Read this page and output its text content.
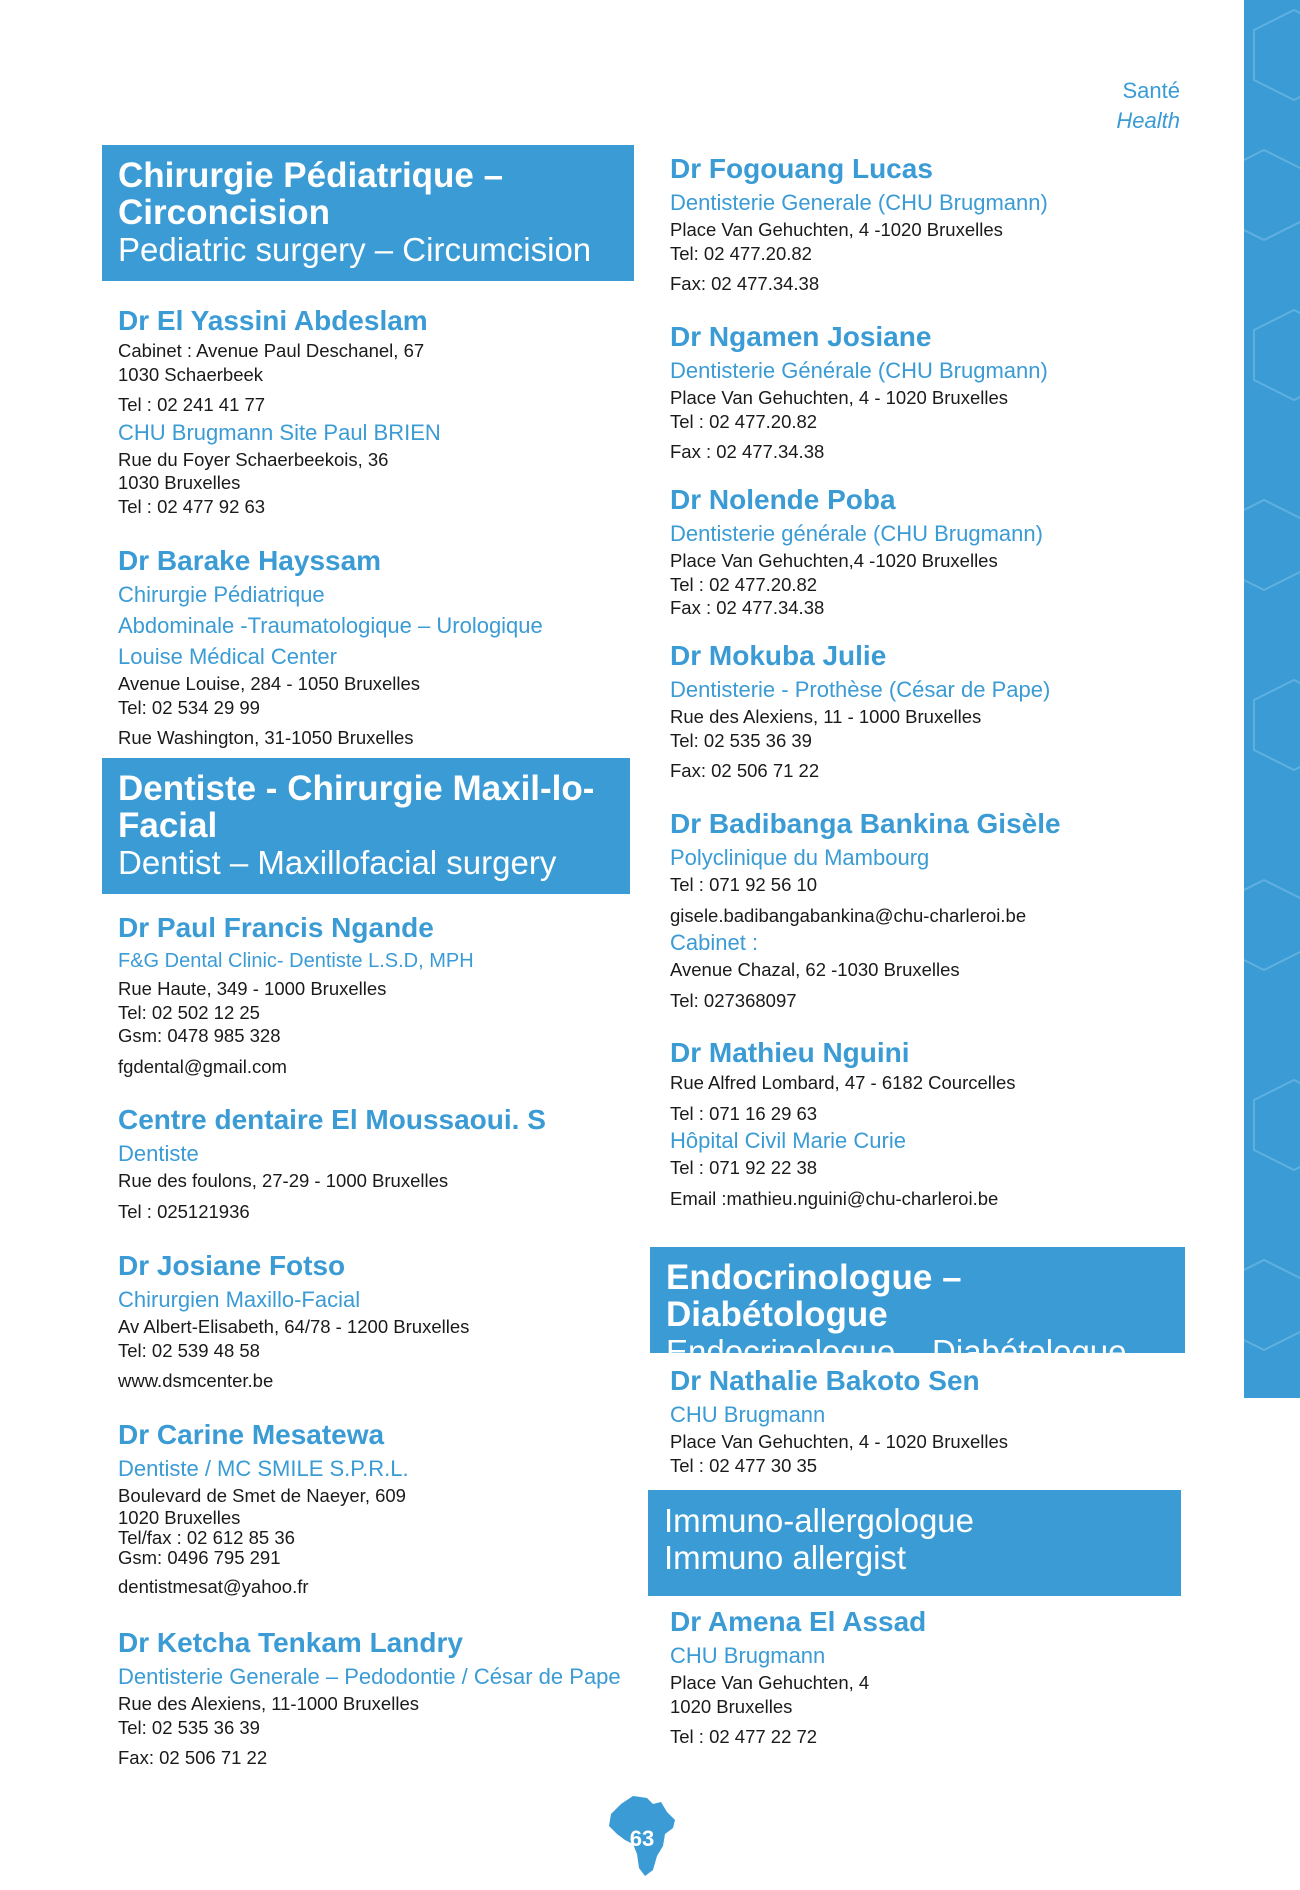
Santé
Health
Chirurgie Pédiatrique – Circoncision
Pediatric surgery – Circumcision
Dr El Yassini Abdeslam
Cabinet : Avenue Paul Deschanel, 67
1030 Schaerbeek
Tel : 02 241 41 77
CHU Brugmann Site Paul BRIEN
Rue du Foyer Schaerbeekois, 36
1030 Bruxelles
Tel : 02 477 92 63
Dr Barake Hayssam
Chirurgie Pédiatrique
Abdominale -Traumatologique – Urologique
Louise Médical Center
Avenue Louise, 284 - 1050 Bruxelles
Tel: 02 534 29 99
Rue Washington, 31-1050 Bruxelles
Dentiste - Chirurgie Maxil-lo-Facial
Dentist – Maxillofacial surgery
Dr Paul Francis Ngande
F&G Dental Clinic- Dentiste L.S.D, MPH
Rue Haute, 349 - 1000 Bruxelles
Tel: 02 502 12 25
Gsm: 0478 985 328
fgdental@gmail.com
Centre dentaire El Moussaoui. S
Dentiste
Rue des foulons, 27-29 - 1000 Bruxelles
Tel : 025121936
Dr Josiane Fotso
Chirurgien Maxillo-Facial
Av Albert-Elisabeth, 64/78 - 1200 Bruxelles
Tel: 02 539 48 58
www.dsmcenter.be
Dr Carine Mesatewa
Dentiste / MC SMILE S.P.R.L.
Boulevard de Smet de Naeyer, 609
1020 Bruxelles
Tel/fax : 02 612 85 36
Gsm: 0496 795 291
dentistmesat@yahoo.fr
Dr Ketcha Tenkam Landry
Dentisterie Generale – Pedodontie / César de Pape
Rue des Alexiens, 11-1000 Bruxelles
Tel: 02 535 36 39
Fax: 02 506 71 22
Dr Fogouang Lucas
Dentisterie Generale (CHU Brugmann)
Place Van Gehuchten, 4 -1020 Bruxelles
Tel: 02 477.20.82
Fax: 02 477.34.38
Dr Ngamen Josiane
Dentisterie Générale (CHU Brugmann)
Place Van Gehuchten, 4 - 1020 Bruxelles
Tel : 02 477.20.82
Fax : 02 477.34.38
Dr Nolende Poba
Dentisterie générale (CHU Brugmann)
Place Van Gehuchten,4 -1020 Bruxelles
Tel : 02 477.20.82
Fax : 02 477.34.38
Dr Mokuba Julie
Dentisterie - Prothèse (César de Pape)
Rue des Alexiens, 11 - 1000 Bruxelles
Tel: 02 535 36 39
Fax: 02 506 71 22
Dr Badibanga Bankina Gisèle
Polyclinique du Mambourg
Tel : 071 92 56 10
gisele.badibangabankina@chu-charleroi.be
Cabinet :
Avenue Chazal, 62 -1030 Bruxelles
Tel: 027368097
Dr Mathieu Nguini
Rue Alfred Lombard, 47 - 6182 Courcelles
Tel : 071 16 29 63
Hôpital Civil Marie Curie
Tel : 071 92 22 38
Email :mathieu.nguini@chu-charleroi.be
Endocrinologue – Diabétologue
Endocrinologue – Diabétologue
Dr Nathalie Bakoto Sen
CHU Brugmann
Place Van Gehuchten, 4 - 1020 Bruxelles
Tel : 02 477 30 35
Immuno-allergologue
Immuno allergist
Dr Amena El Assad
CHU Brugmann
Place Van Gehuchten, 4
1020 Bruxelles
Tel : 02 477 22 72
63
